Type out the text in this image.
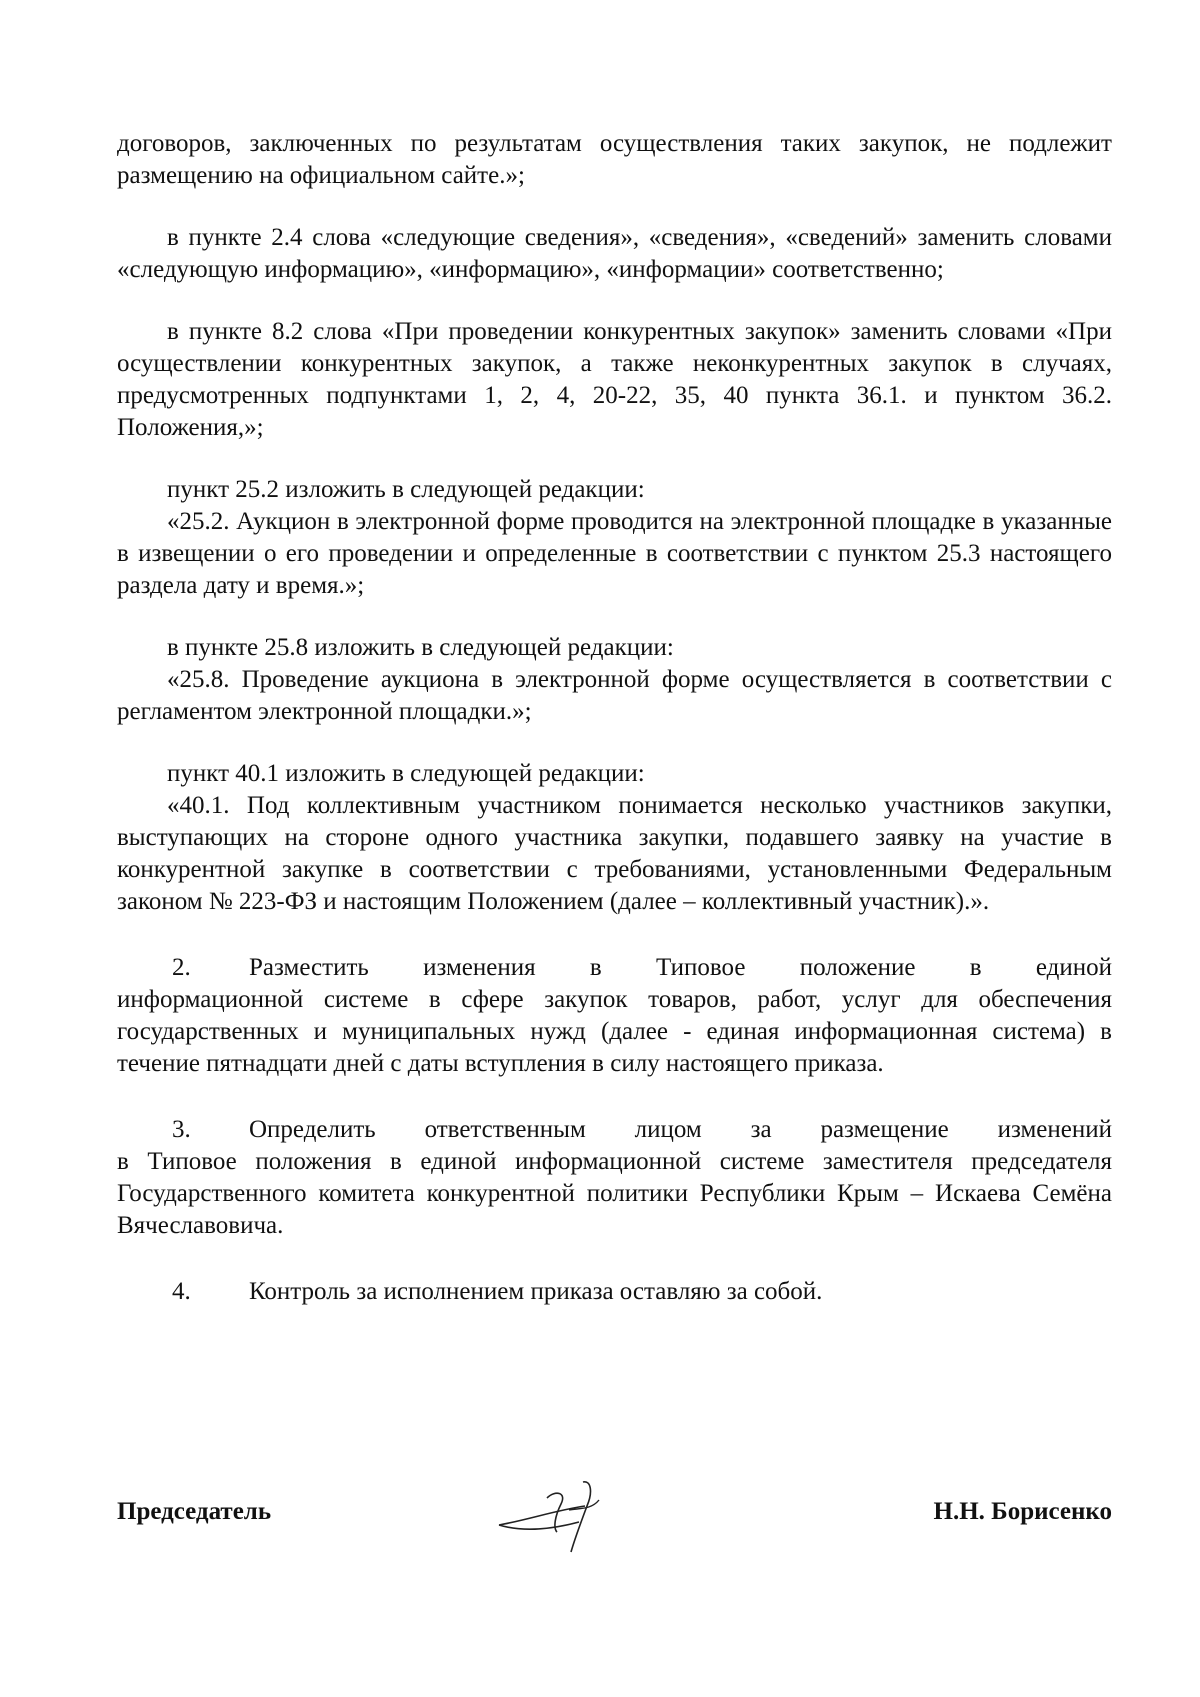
договоров, заключенных по результатам осуществления таких закупок, не подлежит размещению на официальном сайте.»;

в пункте 2.4 слова «следующие сведения», «сведения», «сведений» заменить словами «следующую информацию», «информацию», «информации» соответственно;

в пункте 8.2 слова «При проведении конкурентных закупок» заменить словами «При осуществлении конкурентных закупок, а также неконкурентных закупок в случаях, предусмотренных подпунктами 1, 2, 4, 20-22, 35, 40 пункта 36.1. и пунктом 36.2. Положения,»;

пункт 25.2 изложить в следующей редакции:

«25.2. Аукцион в электронной форме проводится на электронной площадке в указанные в извещении о его проведении и определенные в соответствии с пунктом 25.3 настоящего раздела дату и время.»;

в пункте 25.8 изложить в следующей редакции:

«25.8. Проведение аукциона в электронной форме осуществляется в соответствии с регламентом электронной площадки.»;

пункт 40.1 изложить в следующей редакции:

«40.1. Под коллективным участником понимается несколько участников закупки, выступающих на стороне одного участника закупки, подавшего заявку на участие в конкурентной закупке в соответствии с требованиями, установленными Федеральным законом № 223-ФЗ и настоящим Положением (далее – коллективный участник).».

2.	Разместить изменения в Типовое положение в единой

информационной системе в сфере закупок товаров, работ, услуг для обеспечения государственных и муниципальных нужд (далее - единая информационная система) в течение пятнадцати дней с даты вступления в силу настоящего приказа.

3.	Определить ответственным лицом за размещение изменений

в Типовое положения в единой информационной системе заместителя председателя Государственного комитета конкурентной политики Республики Крым – Искаева Семёна Вячеславовича.

4.	Контроль за исполнением приказа оставляю за собой.
Председатель	Н.Н. Борисенко
